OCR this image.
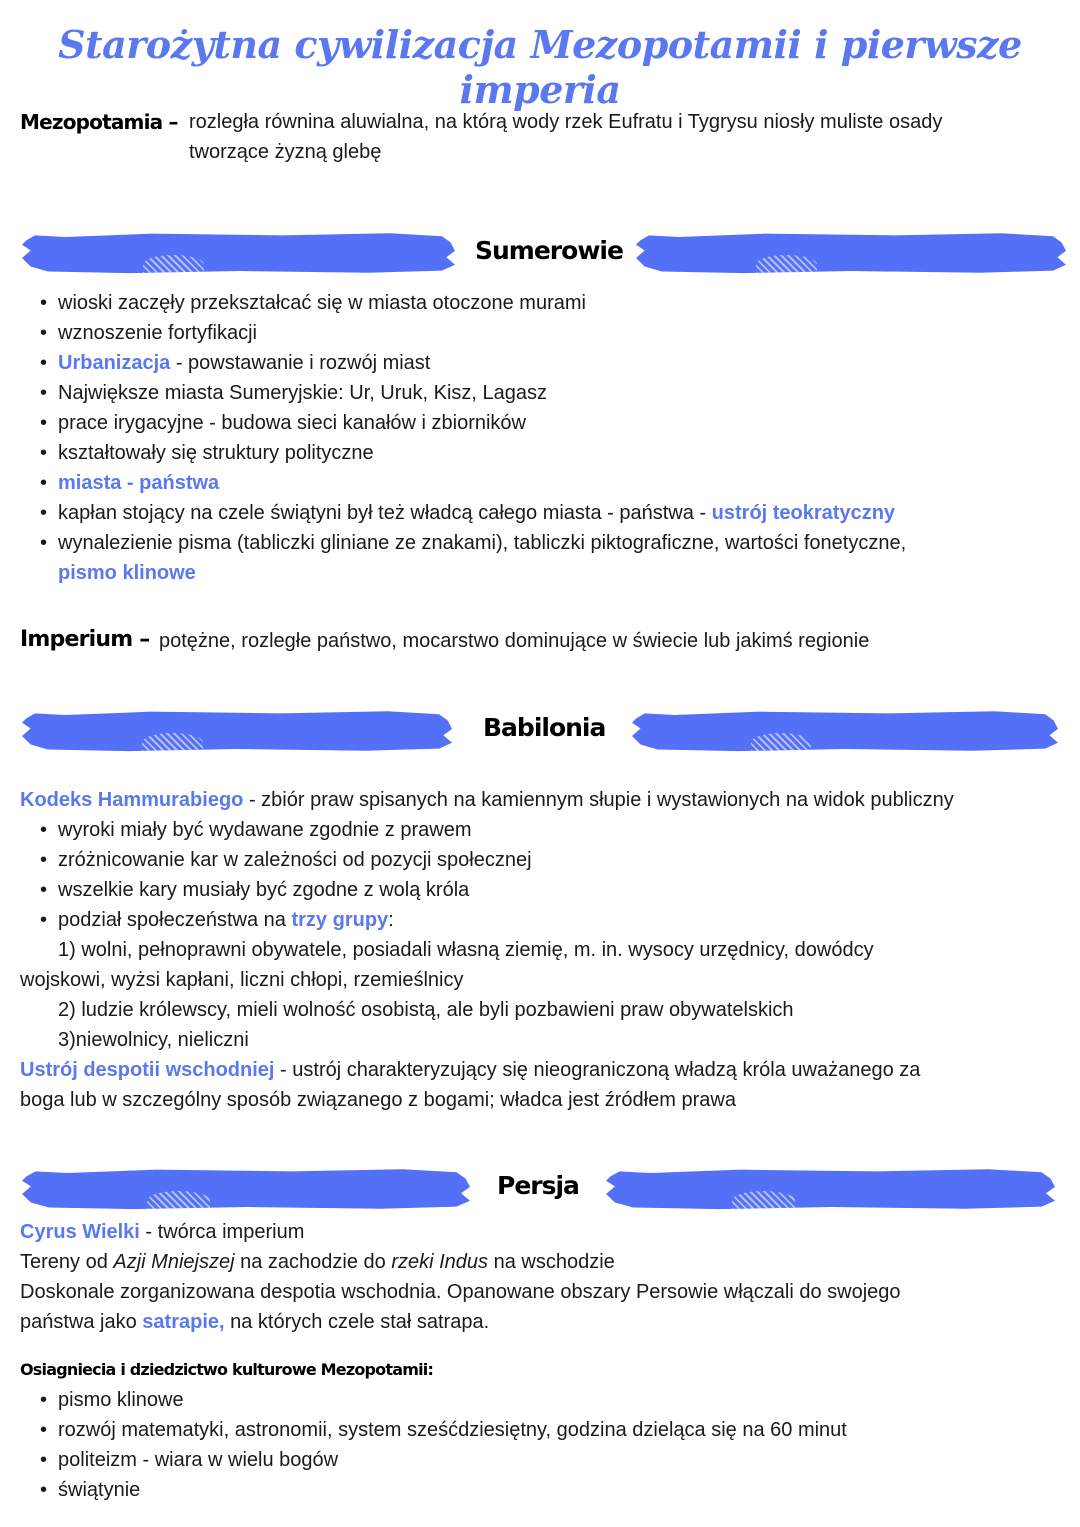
Starożytna cywilizacja Mezopotamii i pierwsze imperia
Mezopotamia – rozległa równina aluwialna, na którą wody rzek Eufratu i Tygrysu niosły muliste osady
tworzące żyzną glebę
Sumerowie
• wioski zaczęły przekształcać się w miasta otoczone murami
• wznoszenie fortyfikacji
• Urbanizacja - powstawanie i rozwój miast
• Największe miasta Sumeryjskie: Ur, Uruk, Kisz, Lagasz
• prace irygacyjne - budowa sieci kanałów i zbiorników
• kształtowały się struktury polityczne
• miasta - państwa
• kapłan stojący na czele świątyni był też władcą całego miasta - państwa - ustrój teokratyczny
• wynalezienie pisma (tabliczki gliniane ze znakami), tabliczki piktograficzne, wartości fonetyczne,
pismo klinowe
Imperium – potężne, rozległe państwo, mocarstwo dominujące w świecie lub jakimś regionie
Babilonia
Kodeks Hammurabiego - zbiór praw spisanych na kamiennym słupie i wystawionych na widok publiczny
• wyroki miały być wydawane zgodnie z prawem
• zróżnicowanie kar w zależności od pozycji społecznej
• wszelkie kary musiały być zgodne z wolą króla
• podział społeczeństwa na trzy grupy:
1) wolni, pełnoprawni obywatele, posiadali własną ziemię, m. in. wysocy urzędnicy, dowódcy
wojskowi, wyżsi kapłani, liczni chłopi, rzemieślnicy
2) ludzie królewscy, mieli wolność osobistą, ale byli pozbawieni praw obywatelskich
3)niewolnicy, nieliczni
Ustrój despotii wschodniej - ustrój charakteryzujący się nieograniczoną władzą króla uważanego za
boga lub w szczególny sposób związanego z bogami; władca jest źródłem prawa
Persja
Cyrus Wielki - twórca imperium
Tereny od Azji Mniejszej na zachodzie do rzeki Indus na wschodzie
Doskonale zorganizowana despotia wschodnia. Opanowane obszary Persowie włączali do swojego
państwa jako satrapie, na których czele stał satrapa.
Osiagniecia i dziedzictwo kulturowe Mezopotamii:
• pismo klinowe
• rozwój matematyki, astronomii, system sześćdziesiętny, godzina dzieląca się na 60 minut
• politeizm - wiara w wielu bogów
• świątynie
